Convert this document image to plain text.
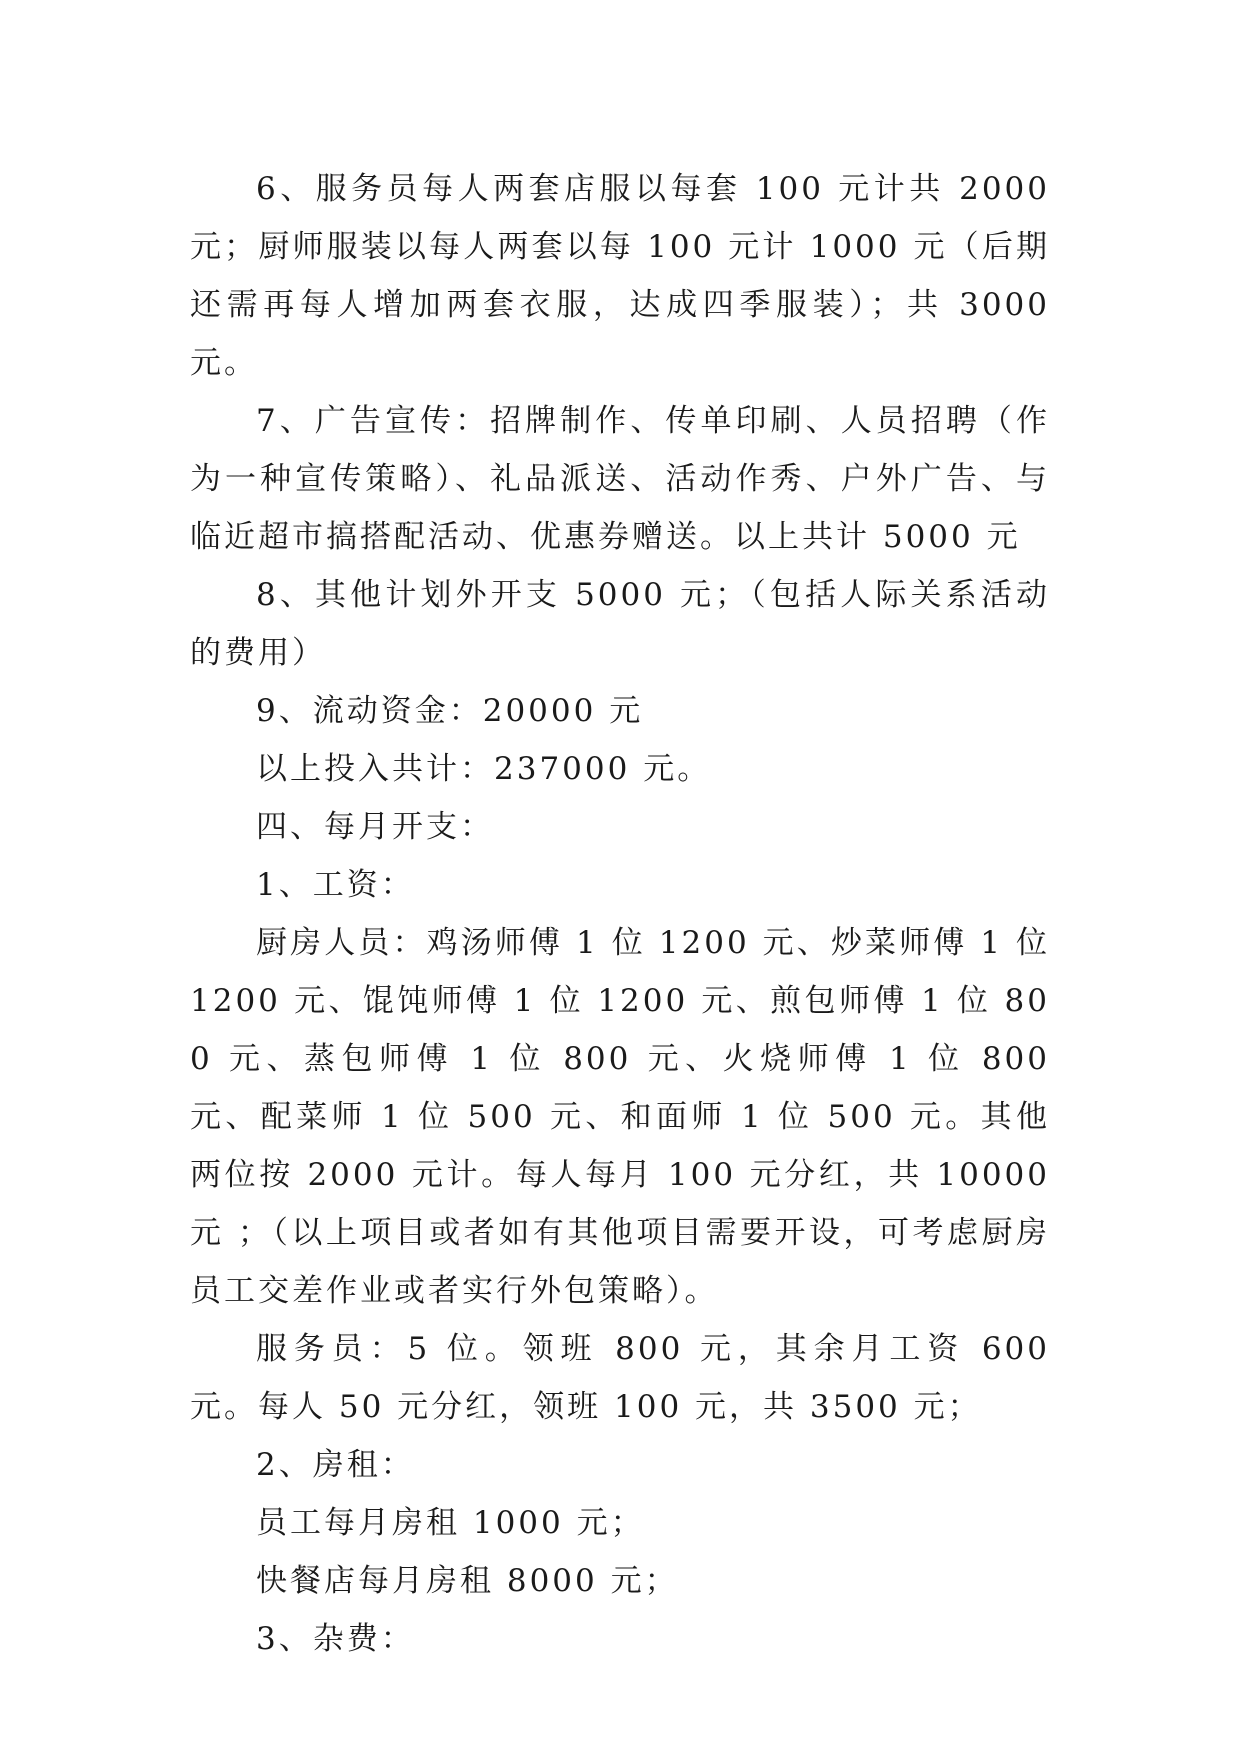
6、服务员每人两套店服以每套 100 元计共 2000 元；厨师服装以每人两套以每 100 元计 1000 元（后期还需再每人增加两套衣服，达成四季服装）；共 3000 元。

7、广告宣传：招牌制作、传单印刷、人员招聘（作为一种宣传策略）、礼品派送、活动作秀、户外广告、与临近超市搞搭配活动、优惠券赠送。以上共计 5000 元

8、其他计划外开支 5000 元；（包括人际关系活动的费用）

9、流动资金：20000 元

以上投入共计：237000 元。

四、每月开支：

1、工资：

厨房人员：鸡汤师傅 1 位 1200 元、炒菜师傅 1 位 1200 元、馄饨师傅 1 位 1200 元、煎包师傅 1 位 800 元、蒸包师傅 1 位 800 元、火烧师傅 1 位 800 元、配菜师 1 位 500 元、和面师 1 位 500 元。其他两位按 2000 元计。每人每月 100 元分红，共 10000 元 ；（以上项目或者如有其他项目需要开设，可考虑厨房员工交差作业或者实行外包策略）。

服务员：5 位。领班 800 元，其余月工资 600 元。每人 50 元分红，领班 100 元，共 3500 元；

2、房租：

员工每月房租 1000 元；

快餐店每月房租 8000 元；

3、杂费：
